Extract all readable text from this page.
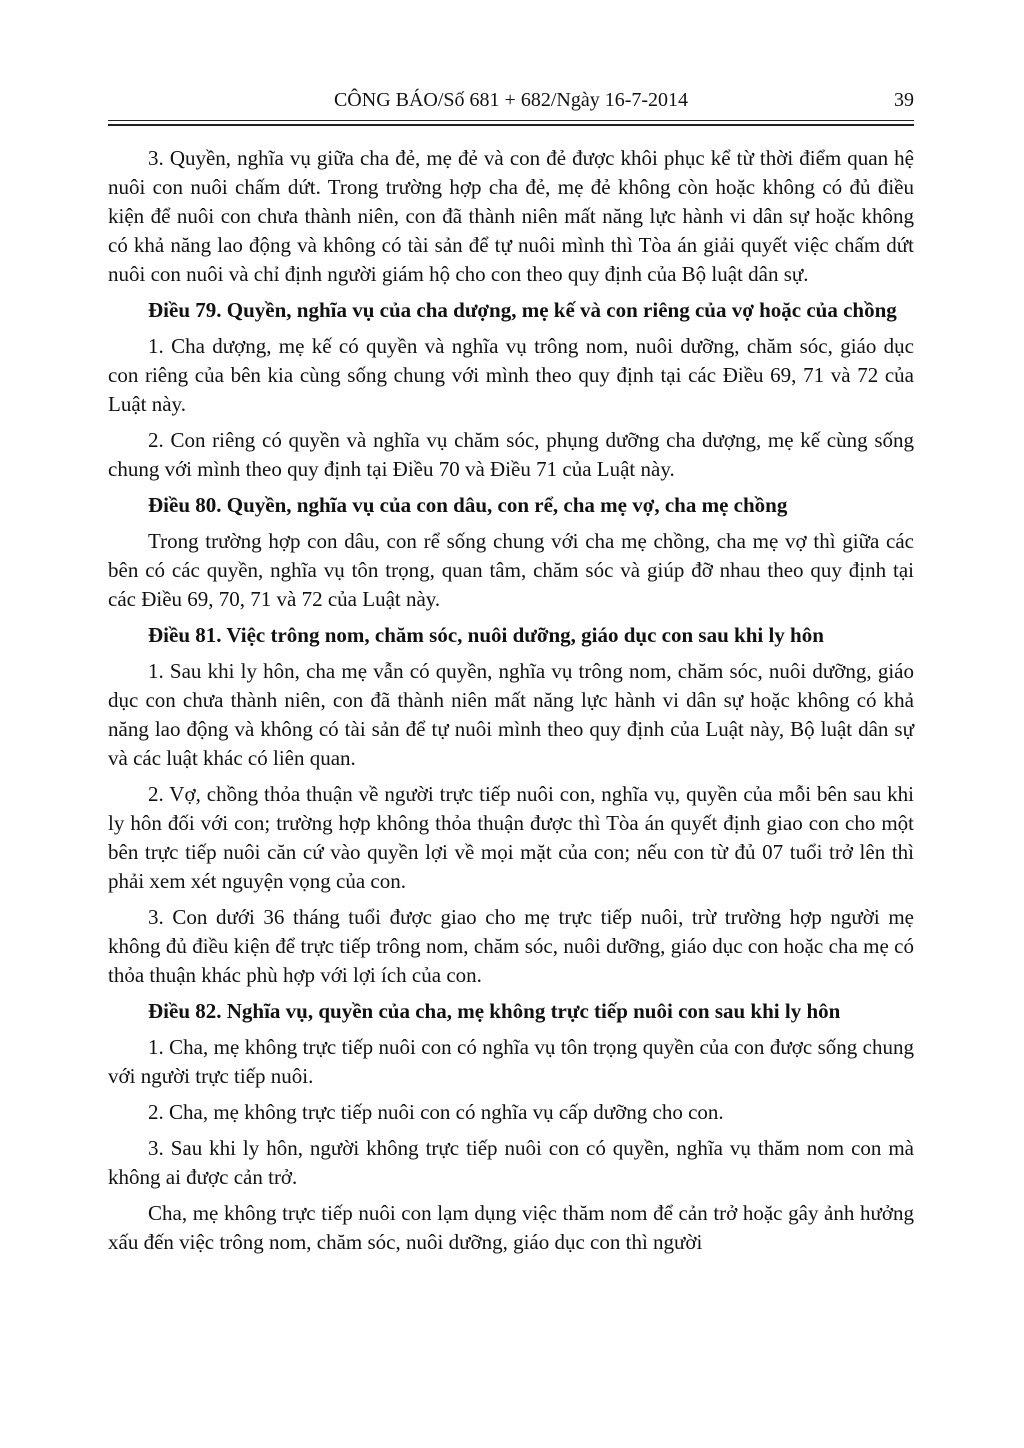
CÔNG BÁO/Số 681 + 682/Ngày 16-7-2014	39

3. Quyền, nghĩa vụ giữa cha đẻ, mẹ đẻ và con đẻ được khôi phục kể từ thời điểm quan hệ nuôi con nuôi chấm dứt. Trong trường hợp cha đẻ, mẹ đẻ không còn hoặc không có đủ điều kiện để nuôi con chưa thành niên, con đã thành niên mất năng lực hành vi dân sự hoặc không có khả năng lao động và không có tài sản để tự nuôi mình thì Tòa án giải quyết việc chấm dứt nuôi con nuôi và chỉ định người giám hộ cho con theo quy định của Bộ luật dân sự.

Điều 79. Quyền, nghĩa vụ của cha dượng, mẹ kế và con riêng của vợ hoặc của chồng

1. Cha dượng, mẹ kế có quyền và nghĩa vụ trông nom, nuôi dưỡng, chăm sóc, giáo dục con riêng của bên kia cùng sống chung với mình theo quy định tại các Điều 69, 71 và 72 của Luật này.

2. Con riêng có quyền và nghĩa vụ chăm sóc, phụng dưỡng cha dượng, mẹ kế cùng sống chung với mình theo quy định tại Điều 70 và Điều 71 của Luật này.

Điều 80. Quyền, nghĩa vụ của con dâu, con rể, cha mẹ vợ, cha mẹ chồng

Trong trường hợp con dâu, con rể sống chung với cha mẹ chồng, cha mẹ vợ thì giữa các bên có các quyền, nghĩa vụ tôn trọng, quan tâm, chăm sóc và giúp đỡ nhau theo quy định tại các Điều 69, 70, 71 và 72 của Luật này.

Điều 81. Việc trông nom, chăm sóc, nuôi dưỡng, giáo dục con sau khi ly hôn

1. Sau khi ly hôn, cha mẹ vẫn có quyền, nghĩa vụ trông nom, chăm sóc, nuôi dưỡng, giáo dục con chưa thành niên, con đã thành niên mất năng lực hành vi dân sự hoặc không có khả năng lao động và không có tài sản để tự nuôi mình theo quy định của Luật này, Bộ luật dân sự và các luật khác có liên quan.

2. Vợ, chồng thỏa thuận về người trực tiếp nuôi con, nghĩa vụ, quyền của mỗi bên sau khi ly hôn đối với con; trường hợp không thỏa thuận được thì Tòa án quyết định giao con cho một bên trực tiếp nuôi căn cứ vào quyền lợi về mọi mặt của con; nếu con từ đủ 07 tuổi trở lên thì phải xem xét nguyện vọng của con.

3. Con dưới 36 tháng tuổi được giao cho mẹ trực tiếp nuôi, trừ trường hợp người mẹ không đủ điều kiện để trực tiếp trông nom, chăm sóc, nuôi dưỡng, giáo dục con hoặc cha mẹ có thỏa thuận khác phù hợp với lợi ích của con.

Điều 82. Nghĩa vụ, quyền của cha, mẹ không trực tiếp nuôi con sau khi ly hôn

1. Cha, mẹ không trực tiếp nuôi con có nghĩa vụ tôn trọng quyền của con được sống chung với người trực tiếp nuôi.

2. Cha, mẹ không trực tiếp nuôi con có nghĩa vụ cấp dưỡng cho con.

3. Sau khi ly hôn, người không trực tiếp nuôi con có quyền, nghĩa vụ thăm nom con mà không ai được cản trở.

Cha, mẹ không trực tiếp nuôi con lạm dụng việc thăm nom để cản trở hoặc gây ảnh hưởng xấu đến việc trông nom, chăm sóc, nuôi dưỡng, giáo dục con thì người
